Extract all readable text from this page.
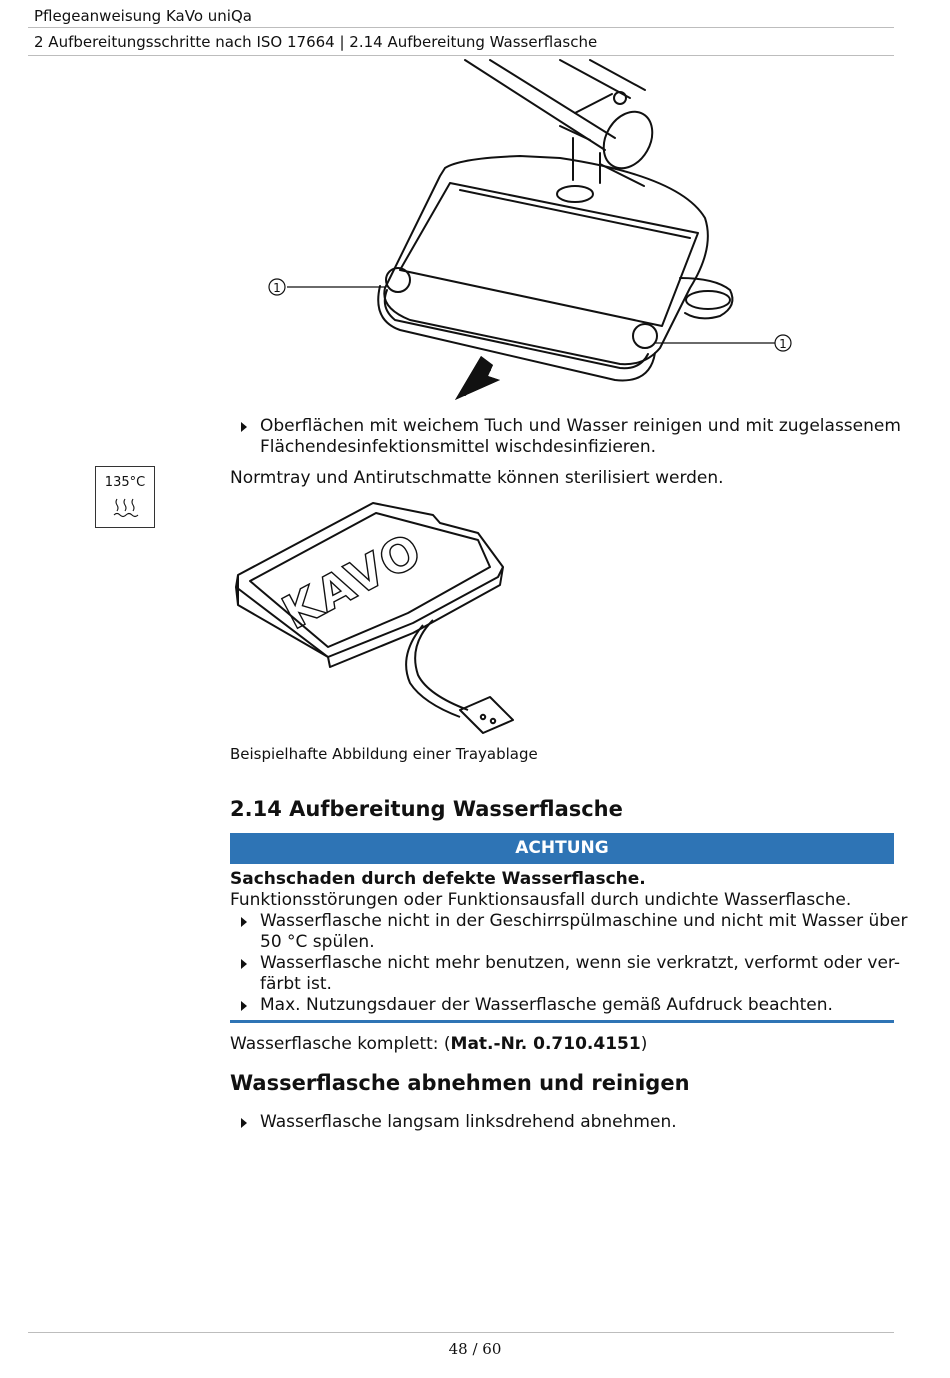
Pflegeanweisung KaVo uniQa
2 Aufbereitungsschritte nach ISO 17664 | 2.14 Aufbereitung Wasserflasche
1
1
Oberflächen mit weichem Tuch und Wasser reinigen und mit zugelassenem
Flächendesinfektionsmittel wischdesinfizieren.
135°C	Normtray und Antirutschmatte können sterilisiert werden.
KAVO
Beispielhafte Abbildung einer Trayablage
2.14 Aufbereitung Wasserflasche
ACHTUNG
Sachschaden durch defekte Wasserflasche.
Funktionsstörungen oder Funktionsausfall durch undichte Wasserflasche.
Wasserflasche nicht in der Geschirrspülmaschine und nicht mit Wasser über
50 °C spülen.
Wasserflasche nicht mehr benutzen, wenn sie verkratzt, verformt oder ver-
färbt ist.
Max. Nutzungsdauer der Wasserflasche gemäß Aufdruck beachten.
Wasserflasche komplett: (Mat.-Nr. 0.710.4151)
Wasserflasche abnehmen und reinigen
Wasserflasche langsam linksdrehend abnehmen.
48 / 60
